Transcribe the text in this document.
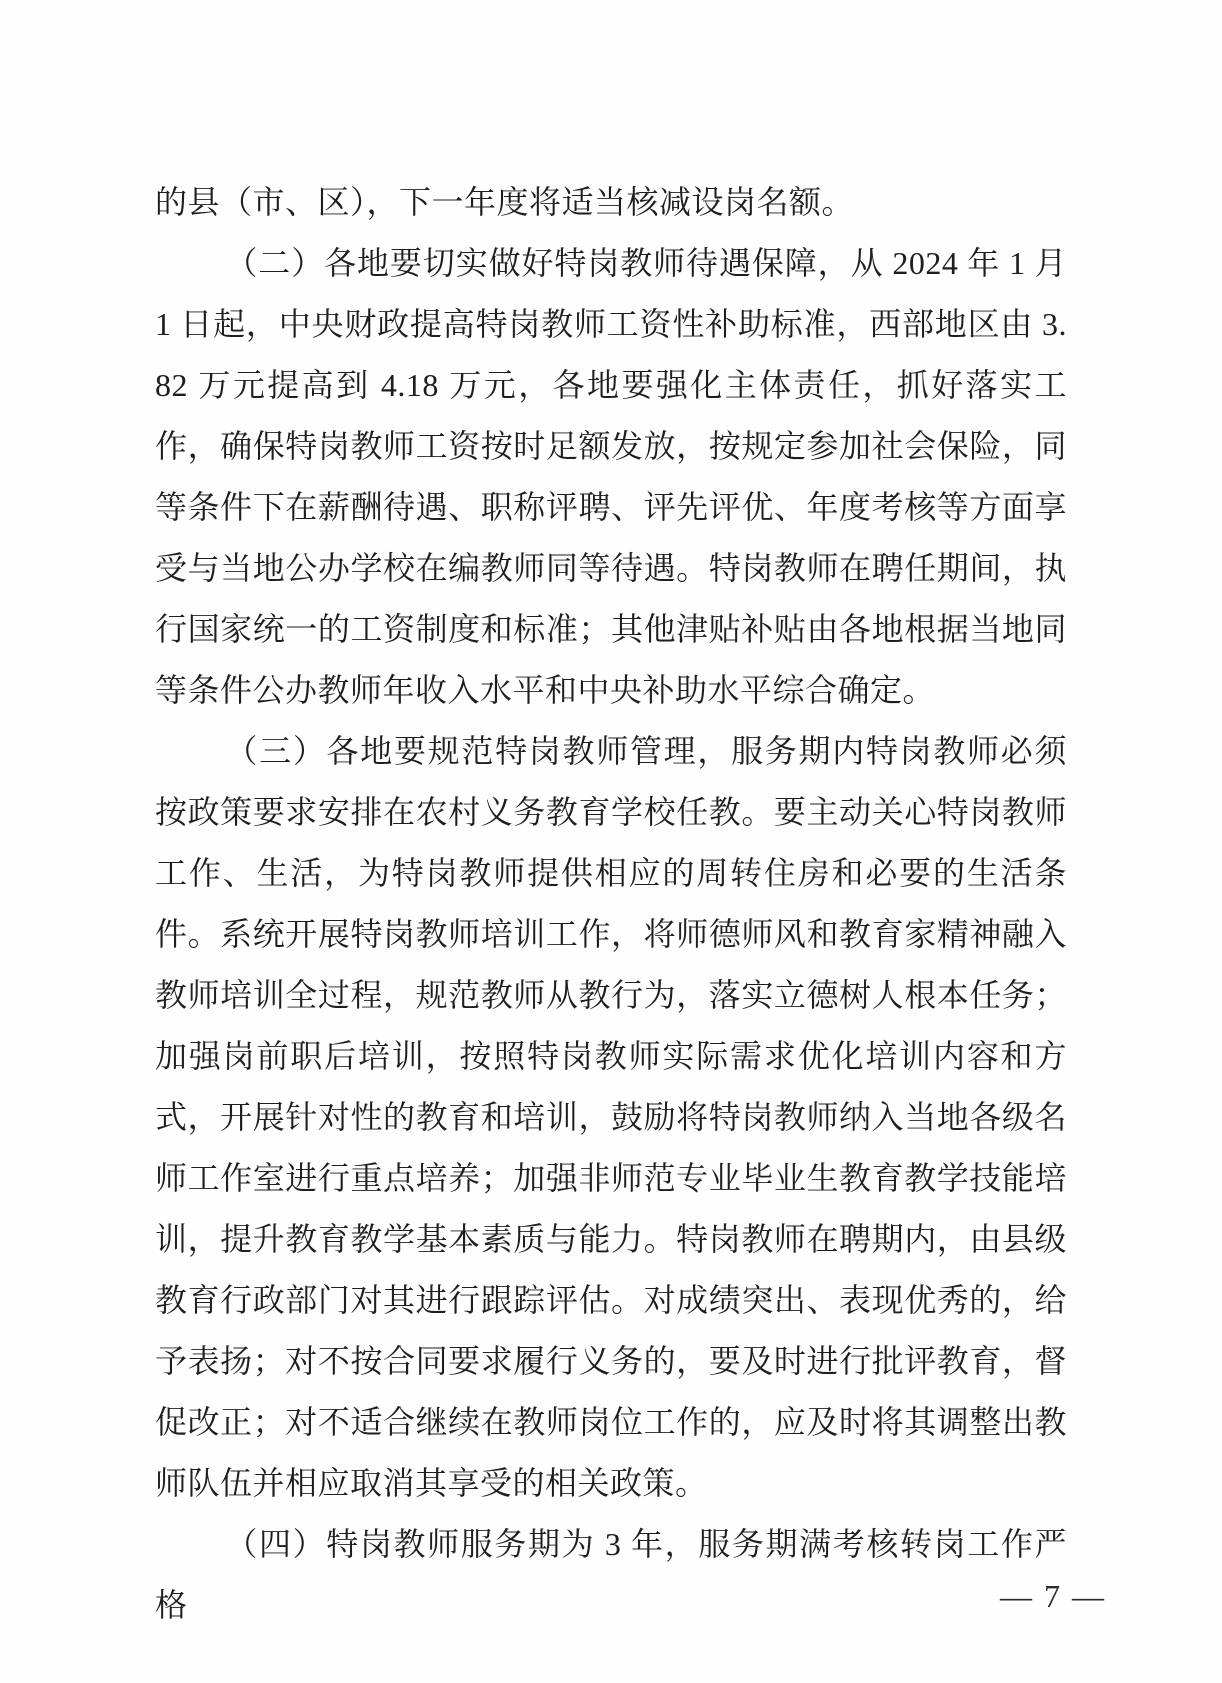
的县（市、区），下一年度将适当核减设岗名额。

（二）各地要切实做好特岗教师待遇保障，从 2024 年 1 月 1 日起，中央财政提高特岗教师工资性补助标准，西部地区由 3.82 万元提高到 4.18 万元，各地要强化主体责任，抓好落实工作，确保特岗教师工资按时足额发放，按规定参加社会保险，同等条件下在薪酬待遇、职称评聘、评先评优、年度考核等方面享受与当地公办学校在编教师同等待遇。特岗教师在聘任期间，执行国家统一的工资制度和标准；其他津贴补贴由各地根据当地同等条件公办教师年收入水平和中央补助水平综合确定。

（三）各地要规范特岗教师管理，服务期内特岗教师必须按政策要求安排在农村义务教育学校任教。要主动关心特岗教师工作、生活，为特岗教师提供相应的周转住房和必要的生活条件。系统开展特岗教师培训工作，将师德师风和教育家精神融入教师培训全过程，规范教师从教行为，落实立德树人根本任务；加强岗前职后培训，按照特岗教师实际需求优化培训内容和方式，开展针对性的教育和培训，鼓励将特岗教师纳入当地各级名师工作室进行重点培养；加强非师范专业毕业生教育教学技能培训，提升教育教学基本素质与能力。特岗教师在聘期内，由县级教育行政部门对其进行跟踪评估。对成绩突出、表现优秀的，给予表扬；对不按合同要求履行义务的，要及时进行批评教育，督促改正；对不适合继续在教师岗位工作的，应及时将其调整出教师队伍并相应取消其享受的相关政策。

（四）特岗教师服务期为 3 年，服务期满考核转岗工作严格	— 7 —
